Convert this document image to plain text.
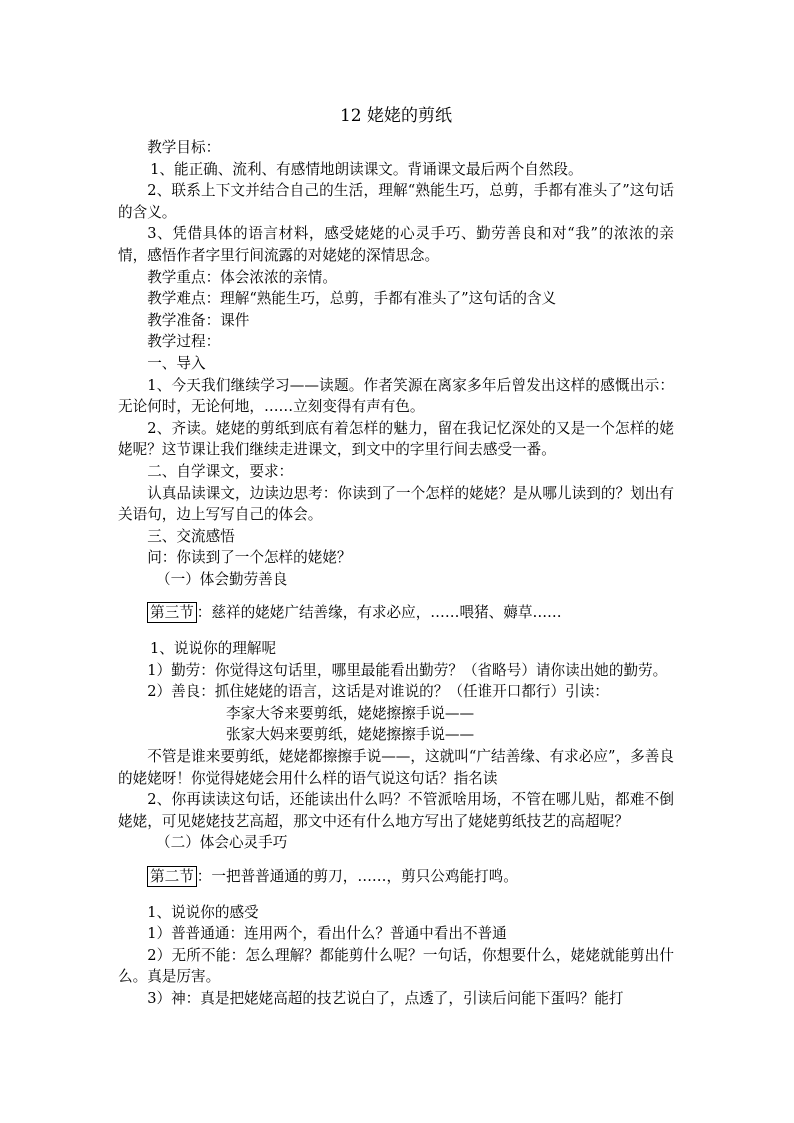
12 姥姥的剪纸

教学目标：

1、能正确、流利、有感情地朗读课文。背诵课文最后两个自然段。

2、联系上下文并结合自己的生活，理解“熟能生巧，总剪，手都有准头了”这句话的含义。

3、凭借具体的语言材料，感受姥姥的心灵手巧、勤劳善良和对“我”的浓浓的亲情，感悟作者字里行间流露的对姥姥的深情思念。

教学重点：体会浓浓的亲情。

教学难点：理解“熟能生巧，总剪，手都有准头了”这句话的含义

教学准备：课件

教学过程：

一、导入

1、今天我们继续学习——读题。作者笑源在离家多年后曾发出这样的感慨出示：无论何时，无论何地，……立刻变得有声有色。

2、齐读。姥姥的剪纸到底有着怎样的魅力，留在我记忆深处的又是一个怎样的姥姥呢？这节课让我们继续走进课文，到文中的字里行间去感受一番。

二、自学课文，要求：

认真品读课文，边读边思考：你读到了一个怎样的姥姥？是从哪儿读到的？划出有关语句，边上写写自己的体会。

三、交流感悟

问：你读到了一个怎样的姥姥？

（一）体会勤劳善良

第三节 ：慈祥的姥姥广结善缘，有求必应，……喂猪、薅草……

1、说说你的理解呢

1）勤劳：你觉得这句话里，哪里最能看出勤劳？（省略号）请你读出她的勤劳。

2）善良：抓住姥姥的语言，这话是对谁说的？（任谁开口都行）引读：

李家大爷来要剪纸，姥姥擦擦手说——

张家大妈来要剪纸，姥姥擦擦手说——

不管是谁来要剪纸，姥姥都擦擦手说——，这就叫“广结善缘、有求必应”，多善良的姥姥呀！你觉得姥姥会用什么样的语气说这句话？指名读

2、你再读读这句话，还能读出什么吗？不管派啥用场，不管在哪儿贴，都难不倒姥姥，可见姥姥技艺高超，那文中还有什么地方写出了姥姥剪纸技艺的高超呢？

（二）体会心灵手巧

第二节 ：一把普普通通的剪刀，……，剪只公鸡能打鸣。

1、说说你的感受

1）普普通通：连用两个，看出什么？普通中看出不普通

2）无所不能：怎么理解？都能剪什么呢？一句话，你想要什么，姥姥就能剪出什么。真是厉害。

3）神：真是把姥姥高超的技艺说白了，点透了，引读后问能下蛋吗？能打
